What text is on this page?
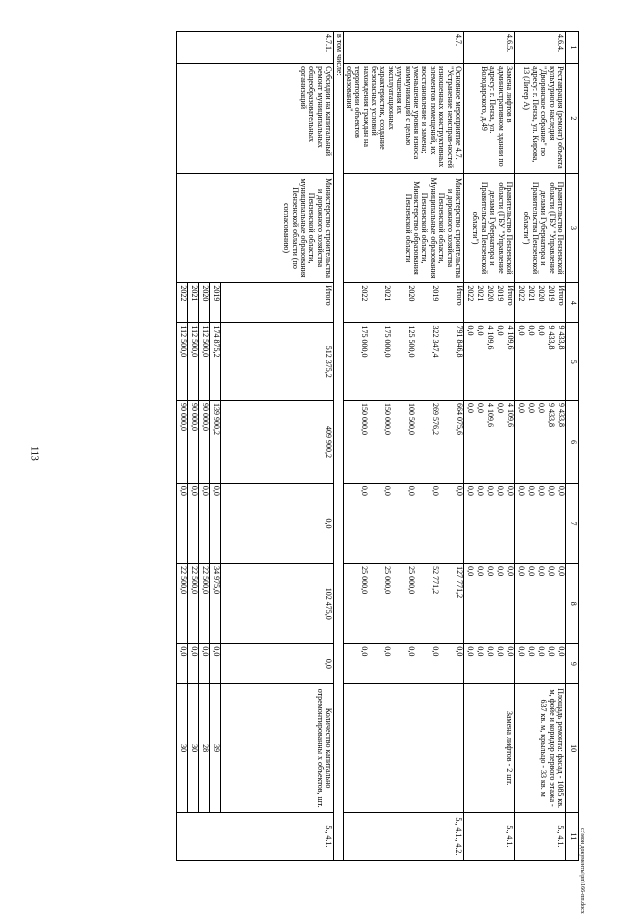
113
1	2	3	4	5	6	7	8	9	10	11
4.6.4.	Реставрация (ремонт) объекта культурного наследия "Дворянское собрание" по адресу: г. Пенза, ул. Кирова, 13 (Литер А)	Правительство Пензенской области (ГБУ "Управление делами Губернатора и Правительства Пензенской области")	Итого	9 433,8	9 433,8	0,0	0,0	0,0	Площадь ремонта: фасад - 1085 кв. м, фойе и коридор первого этажа - 637 кв. м, крыльцо - 33 кв. м	5., 4.1.
			2019	9 433,8	9 433,8	0,0	0,0	0,0		
			2020	0,0	0,0	0,0	0,0	0,0		
			2021	0,0	0,0	0,0	0,0	0,0		
			2022	0,0	0,0	0,0	0,0	0,0		
4.6.5.	Замена лифтов в административном здании по адресу: г. Пенза, ул. Володарского, д.49	Правительство Пензенской области (ГБУ "Управление делами Губернатора и Правительства Пензенской области")	Итого	4 109,6	4 109,6	0,0	0,0	0,0	Замена лифтов - 2 шт.	5., 4.1.
			2019	0,0	0,0	0,0	0,0	0,0		
			2020	4 109,6	4 109,6	0,0	0,0	0,0		
			2021	0,0	0,0	0,0	0,0	0,0		
			2022	0,0	0,0	0,0	0,0	0,0		
4.7.	Основное мероприятие 4.7. "Устранение неисправ-ностей изношенных конструктивных элементов помещений, их восстановление и замена; уменьшение уровня износа коммуникаций с целью улучшения их эксплуатационных характеристик, создание безопасных условий нахождения граждан на территории объектов образования"	Министерство строительства и дорожного хозяйства Пензенской области, Муниципальные образования Пензенской области, Министерство образования Пензенской области	Итого	791 846,8	664 075,6	0,0	127 771,2	0,0		5., 4.1., 4.2.
			2019	322 347,4	269 576,2	0,0	52 771,2	0,0		
			2020	125 500,0	100 500,0	0,0	25 000,0	0,0		
			2021	175 000,0	150 000,0	0,0	25 000,0	0,0		
			2022	175 000,0	150 000,0	0,0	25 000,0	0,0		
в том числе:										
4.7.1.	Субсидии на капитальный ремонт муниципальных общеобразовательных организаций	Министерство строительства и дорожного хозяйства Пензенской области, муниципальные образования Пензенской области (по согласованию)	Итого	512 375,2	409 900,2	0,0	102 475,0	0,0	Количество капитально отремонтированны х объектов, шт.	5., 4.1.
			2019	174 875,2	139 900,2	0,0	34 975,0	0,0	39	
			2020	112 500,0	90 000,0	0,0	22 500,0	0,0	28	
			2021	112 500,0	90 000,0	0,0	22 500,0	0,0	30	
			2022	112 500,0	90 000,0	0,0	22 500,0	0,0	30	
c:\мои документы\рп\166-пп.docx
